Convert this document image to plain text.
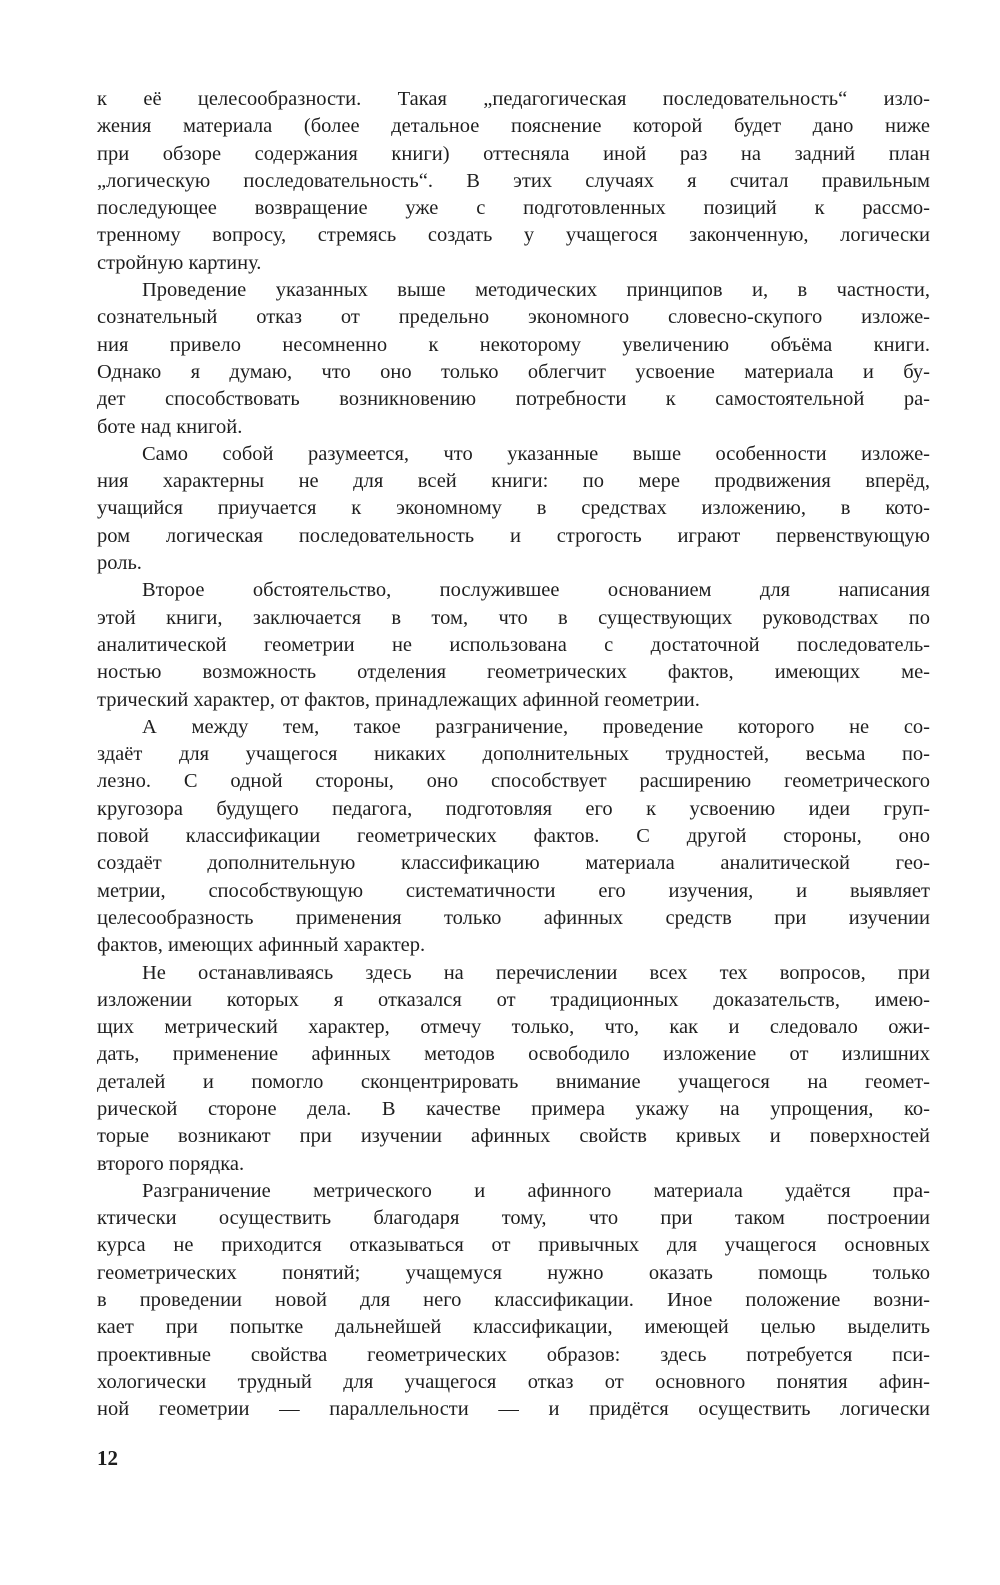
к её целесообразности. Такая „педагогическая последовательность“ изло-
жения материала (более детальное пояснение которой будет дано ниже
при обзоре содержания книги) оттесняла иной раз на задний план
„логическую последовательность“. В этих случаях я считал правильным
последующее возвращение уже с подготовленных позиций к рассмо-
тренному вопросу, стремясь создать у учащегося законченную, логически
стройную картину.
Проведение указанных выше методических принципов и, в частности,
сознательный отказ от предельно экономного словесно-скупого изложе-
ния привело несомненно к некоторому увеличению объёма книги.
Однако я думаю, что оно только облегчит усвоение материала и бу-
дет способствовать возникновению потребности к самостоятельной ра-
боте над книгой.
Само собой разумеется, что указанные выше особенности изложе-
ния характерны не для всей книги: по мере продвижения вперёд,
учащийся приучается к экономному в средствах изложению, в кото-
ром логическая последовательность и строгость играют первенствующую
роль.
Второе обстоятельство, послужившее основанием для написания
этой книги, заключается в том, что в существующих руководствах по
аналитической геометрии не использована с достаточной последователь-
ностью возможность отделения геометрических фактов, имеющих ме-
трический характер, от фактов, принадлежащих афинной геометрии.
А между тем, такое разграничение, проведение которого не со-
здаёт для учащегося никаких дополнительных трудностей, весьма по-
лезно. С одной стороны, оно способствует расширению геометрического
кругозора будущего педагога, подготовляя его к усвоению идеи груп-
повой классификации геометрических фактов. С другой стороны, оно
создаёт дополнительную классификацию материала аналитической гео-
метрии, способствующую систематичности его изучения, и выявляет
целесообразность применения только афинных средств при изучении
фактов, имеющих афинный характер.
Не останавливаясь здесь на перечислении всех тех вопросов, при
изложении которых я отказался от традиционных доказательств, имею-
щих метрический характер, отмечу только, что, как и следовало ожи-
дать, применение афинных методов освободило изложение от излишних
деталей и помогло сконцентрировать внимание учащегося на геомет-
рической стороне дела. В качестве примера укажу на упрощения, ко-
торые возникают при изучении афинных свойств кривых и поверхностей
второго порядка.
Разграничение метрического и афинного материала удаётся пра-
ктически осуществить благодаря тому, что при таком построении
курса не приходится отказываться от привычных для учащегося основных
геометрических понятий; учащемуся нужно оказать помощь только
в проведении новой для него классификации. Иное положение возни-
кает при попытке дальнейшей классификации, имеющей целью выделить
проективные свойства геометрических образов: здесь потребуется пси-
хологически трудный для учащегося отказ от основного понятия афин-
ной геометрии — параллельности — и придётся осуществить логически
12
